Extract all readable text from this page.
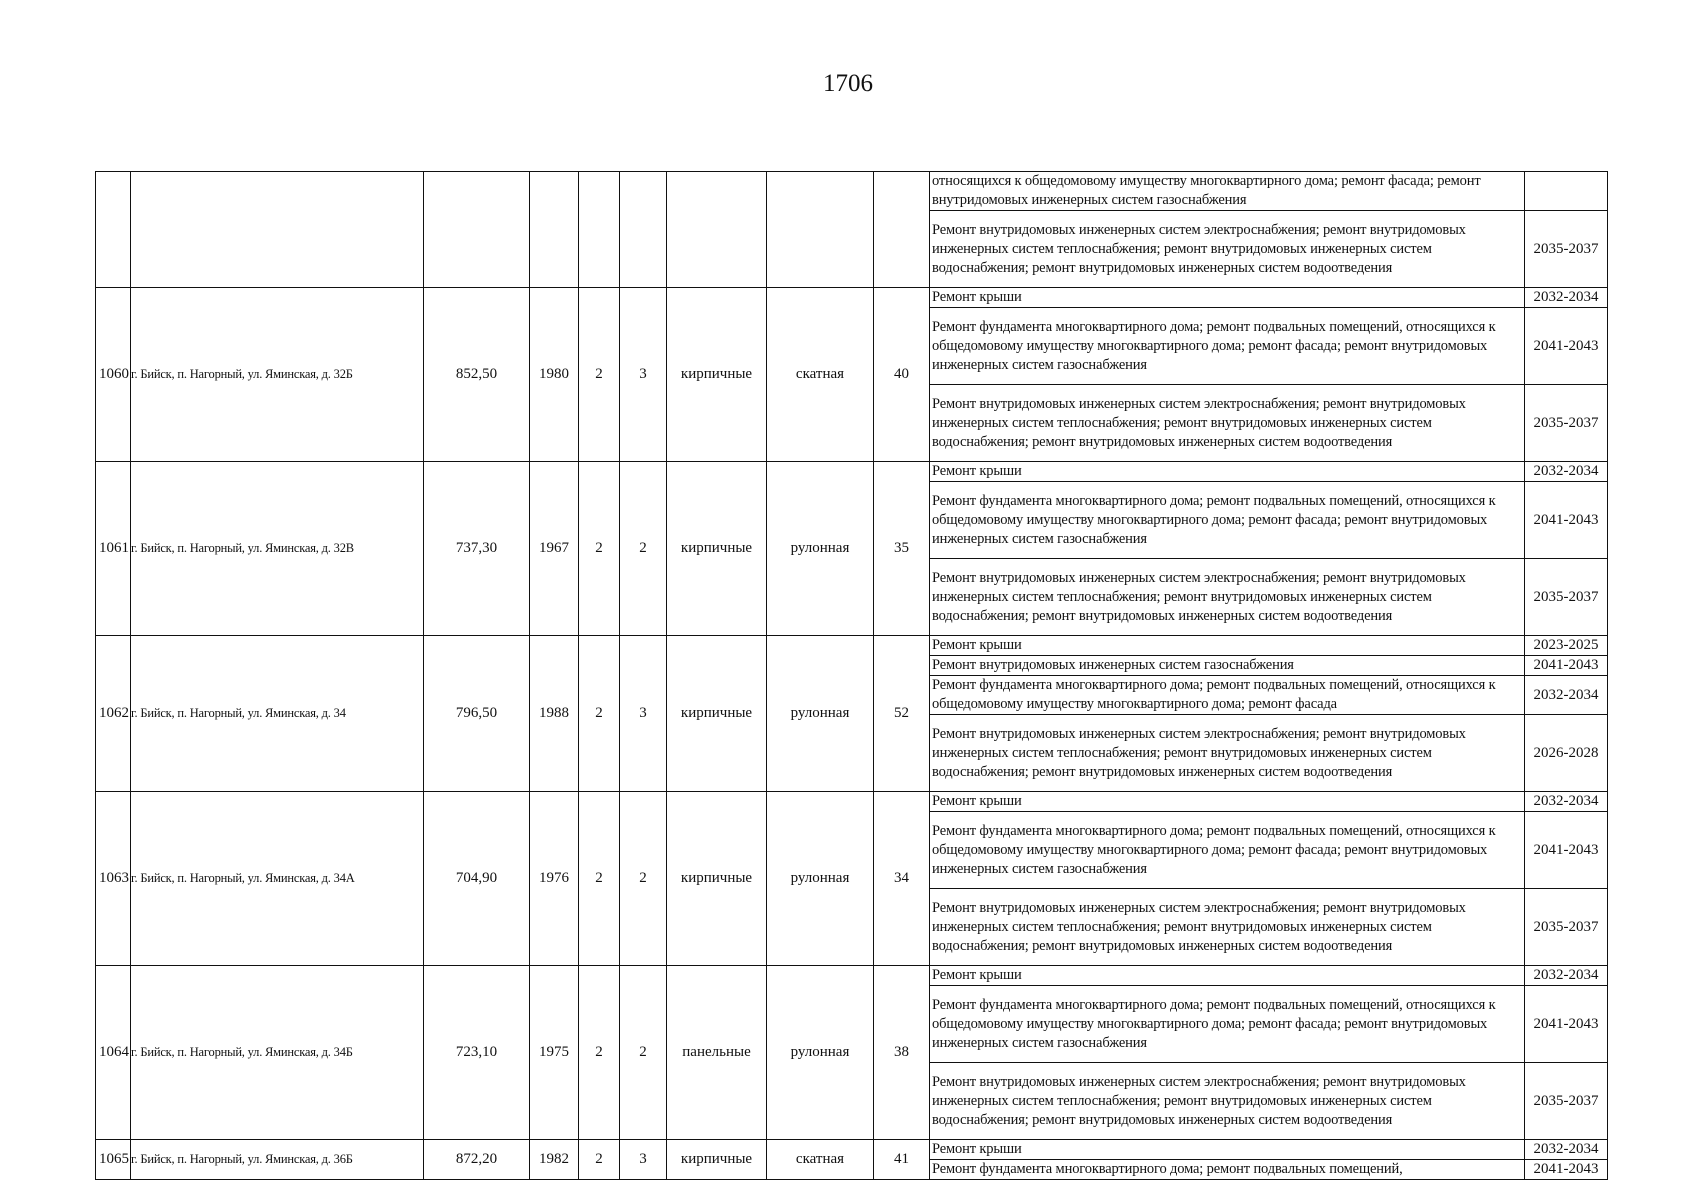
1706
									относящихся к общедомовому имуществу многоквартирного дома; ремонт фасада; ремонт внутридомовых инженерных систем газоснабжения	
									Ремонт внутридомовых инженерных систем электроснабжения; ремонт внутридомовых инженерных систем теплоснабжения; ремонт внутридомовых инженерных систем водоснабжения; ремонт внутридомовых инженерных систем водоотведения	2035-2037
1060	г. Бийск, п. Нагорный, ул. Яминская, д. 32Б	852,50	1980	2	3	кирпичные	скатная	40	Ремонт крыши	2032-2034
									Ремонт фундамента многоквартирного дома; ремонт подвальных помещений, относящихся к общедомовому имуществу многоквартирного дома; ремонт фасада; ремонт внутридомовых инженерных систем газоснабжения	2041-2043
									Ремонт внутридомовых инженерных систем электроснабжения; ремонт внутридомовых инженерных систем теплоснабжения; ремонт внутридомовых инженерных систем водоснабжения; ремонт внутридомовых инженерных систем водоотведения	2035-2037
1061	г. Бийск, п. Нагорный, ул. Яминская, д. 32В	737,30	1967	2	2	кирпичные	рулонная	35	Ремонт крыши	2032-2034
									Ремонт фундамента многоквартирного дома; ремонт подвальных помещений, относящихся к общедомовому имуществу многоквартирного дома; ремонт фасада; ремонт внутридомовых инженерных систем газоснабжения	2041-2043
									Ремонт внутридомовых инженерных систем электроснабжения; ремонт внутридомовых инженерных систем теплоснабжения; ремонт внутридомовых инженерных систем водоснабжения; ремонт внутридомовых инженерных систем водоотведения	2035-2037
1062	г. Бийск, п. Нагорный, ул. Яминская, д. 34	796,50	1988	2	3	кирпичные	рулонная	52	Ремонт крыши	2023-2025
									Ремонт внутридомовых инженерных систем газоснабжения	2041-2043
									Ремонт фундамента многоквартирного дома; ремонт подвальных помещений, относящихся к общедомовому имуществу многоквартирного дома; ремонт фасада	2032-2034
									Ремонт внутридомовых инженерных систем электроснабжения; ремонт внутридомовых инженерных систем теплоснабжения; ремонт внутридомовых инженерных систем водоснабжения; ремонт внутридомовых инженерных систем водоотведения	2026-2028
1063	г. Бийск, п. Нагорный, ул. Яминская, д. 34А	704,90	1976	2	2	кирпичные	рулонная	34	Ремонт крыши	2032-2034
									Ремонт фундамента многоквартирного дома; ремонт подвальных помещений, относящихся к общедомовому имуществу многоквартирного дома; ремонт фасада; ремонт внутридомовых инженерных систем газоснабжения	2041-2043
									Ремонт внутридомовых инженерных систем электроснабжения; ремонт внутридомовых инженерных систем теплоснабжения; ремонт внутридомовых инженерных систем водоснабжения; ремонт внутридомовых инженерных систем водоотведения	2035-2037
1064	г. Бийск, п. Нагорный, ул. Яминская, д. 34Б	723,10	1975	2	2	панельные	рулонная	38	Ремонт крыши	2032-2034
									Ремонт фундамента многоквартирного дома; ремонт подвальных помещений, относящихся к общедомовому имуществу многоквартирного дома; ремонт фасада; ремонт внутридомовых инженерных систем газоснабжения	2041-2043
									Ремонт внутридомовых инженерных систем электроснабжения; ремонт внутридомовых инженерных систем теплоснабжения; ремонт внутридомовых инженерных систем водоснабжения; ремонт внутридомовых инженерных систем водоотведения	2035-2037
1065	г. Бийск, п. Нагорный, ул. Яминская, д. 36Б	872,20	1982	2	3	кирпичные	скатная	41	Ремонт крыши	2032-2034
									Ремонт фундамента многоквартирного дома; ремонт подвальных помещений,	2041-2043
